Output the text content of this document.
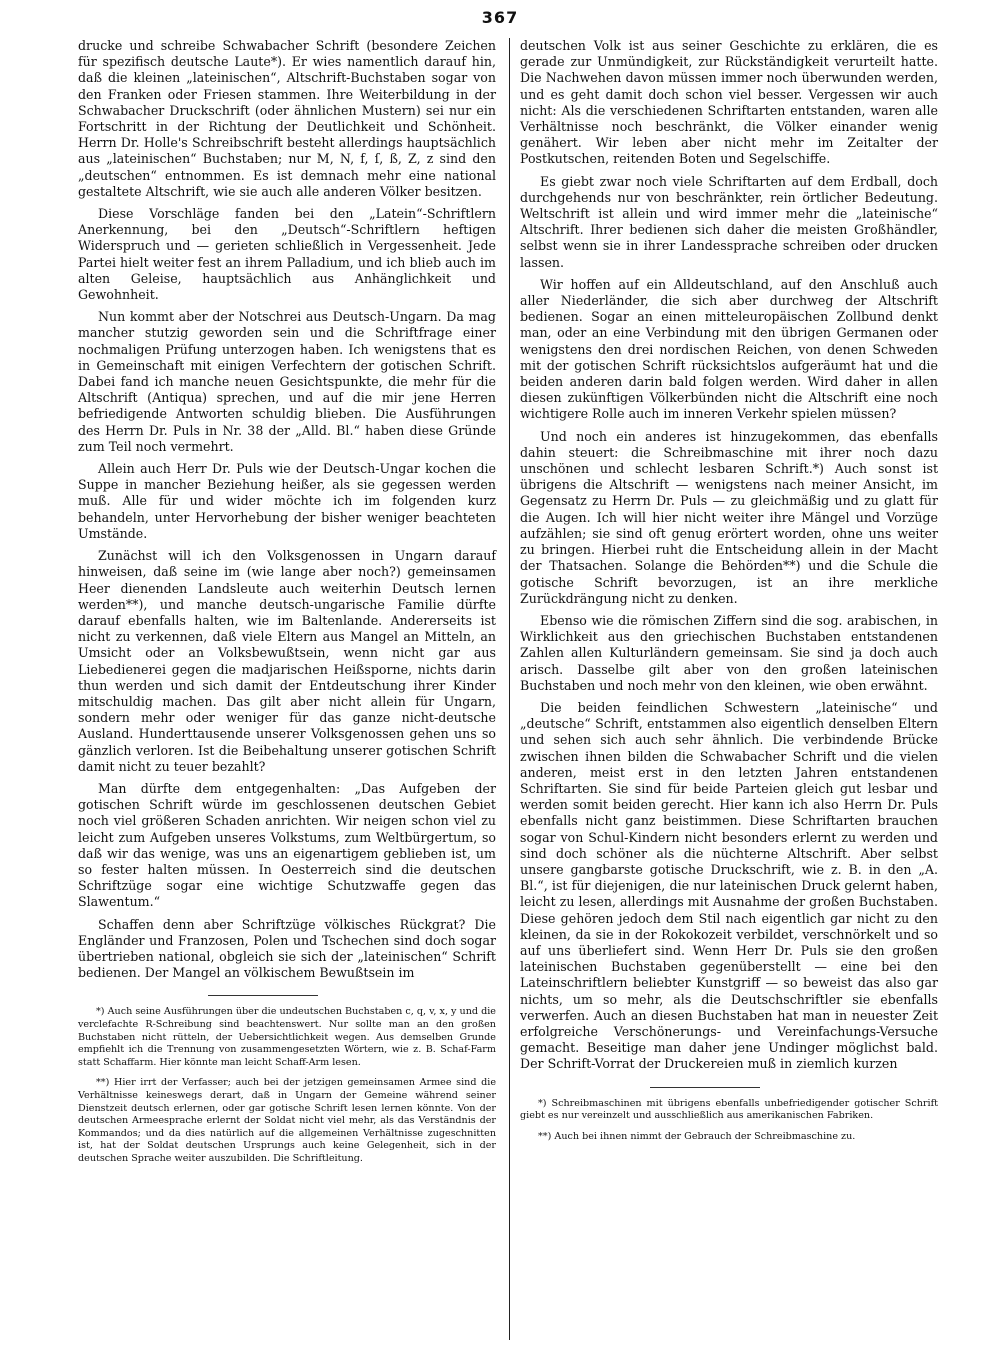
367

drucke und schreibe Schwabacher Schrift (besondere Zeichen für spezifisch deutsche Laute*). Er wies namentlich darauf hin, daß die kleinen „lateinischen“, Altschrift-Buchstaben sogar von den Franken oder Friesen stammen. Ihre Weiterbildung in der Schwabacher Druckschrift (oder ähnlichen Mustern) sei nur ein Fortschritt in der Richtung der Deutlichkeit und Schönheit. Herrn Dr. Holle's Schreibschrift besteht allerdings hauptsächlich aus „lateinischen“ Buchstaben; nur M, N, f, ſ, ß, Z, z sind den „deutschen“ entnommen. Es ist demnach mehr eine national gestaltete Altschrift, wie sie auch alle anderen Völker besitzen.

Diese Vorschläge fanden bei den „Latein“-Schriftlern Anerkennung, bei den „Deutsch“-Schriftlern heftigen Widerspruch und — gerieten schließlich in Vergessenheit. Jede Partei hielt weiter fest an ihrem Palladium, und ich blieb auch im alten Geleise, hauptsächlich aus Anhänglichkeit und Gewohnheit.

Nun kommt aber der Notschrei aus Deutsch-Ungarn. Da mag mancher stutzig geworden sein und die Schriftfrage einer nochmaligen Prüfung unterzogen haben. Ich wenigstens that es in Gemeinschaft mit einigen Verfechtern der gotischen Schrift. Dabei fand ich manche neuen Gesichtspunkte, die mehr für die Altschrift (Antiqua) sprechen, und auf die mir jene Herren befriedigende Antworten schuldig blieben. Die Ausführungen des Herrn Dr. Puls in Nr. 38 der „Alld. Bl.“ haben diese Gründe zum Teil noch vermehrt.

Allein auch Herr Dr. Puls wie der Deutsch-Ungar kochen die Suppe in mancher Beziehung heißer, als sie gegessen werden muß. Alle für und wider möchte ich im folgenden kurz behandeln, unter Hervorhebung der bisher weniger beachteten Umstände.

Zunächst will ich den Volksgenossen in Ungarn darauf hinweisen, daß seine im (wie lange aber noch?) gemeinsamen Heer dienenden Landsleute auch weiterhin Deutsch lernen werden**), und manche deutsch-ungarische Familie dürfte darauf ebenfalls halten, wie im Baltenlande. Andererseits ist nicht zu verkennen, daß viele Eltern aus Mangel an Mitteln, an Umsicht oder an Volksbewußtsein, wenn nicht gar aus Liebedienerei gegen die madjarischen Heißsporne, nichts darin thun werden und sich damit der Entdeutschung ihrer Kinder mitschuldig machen. Das gilt aber nicht allein für Ungarn, sondern mehr oder weniger für das ganze nicht-deutsche Ausland. Hunderttausende unserer Volksgenossen gehen uns so gänzlich verloren. Ist die Beibehaltung unserer gotischen Schrift damit nicht zu teuer bezahlt?

Man dürfte dem entgegenhalten: „Das Aufgeben der gotischen Schrift würde im geschlossenen deutschen Gebiet noch viel größeren Schaden anrichten. Wir neigen schon viel zu leicht zum Aufgeben unseres Volkstums, zum Weltbürgertum, so daß wir das wenige, was uns an eigenartigem geblieben ist, um so fester halten müssen. In Oesterreich sind die deutschen Schriftzüge sogar eine wichtige Schutzwaffe gegen das Slawentum.“

Schaffen denn aber Schriftzüge völkisches Rückgrat? Die Engländer und Franzosen, Polen und Tschechen sind doch sogar übertrieben national, obgleich sie sich der „lateinischen“ Schrift bedienen. Der Mangel an völkischem Bewußtsein im

*) Auch seine Ausführungen über die undeutschen Buchstaben c, q, v, x, y und die verclefachte R-Schreibung sind beachtenswert. Nur sollte man an den großen Buchstaben nicht rütteln, der Uebersichtlichkeit wegen. Aus demselben Grunde empfiehlt ich die Trennung von zusammengesetzten Wörtern, wie z. B. Schaf-Farm statt Schaffarm. Hier könnte man leicht Schaff-Arm lesen.

**) Hier irrt der Verfasser; auch bei der jetzigen gemeinsamen Armee sind die Verhältnisse keineswegs derart, daß in Ungarn der Gemeine während seiner Dienstzeit deutsch erlernen, oder gar gotische Schrift lesen lernen könnte. Von der deutschen Armeesprache erlernt der Soldat nicht viel mehr, als das Verständnis der Kommandos; und da dies natürlich auf die allgemeinen Verhältnisse zugeschnitten ist, hat der Soldat deutschen Ursprungs auch keine Gelegenheit, sich in der deutschen Sprache weiter auszubilden. Die Schriftleitung.

deutschen Volk ist aus seiner Geschichte zu erklären, die es gerade zur Unmündigkeit, zur Rückständigkeit verurteilt hatte. Die Nachwehen davon müssen immer noch überwunden werden, und es geht damit doch schon viel besser. Vergessen wir auch nicht: Als die verschiedenen Schriftarten entstanden, waren alle Verhältnisse noch beschränkt, die Völker einander wenig genähert. Wir leben aber nicht mehr im Zeitalter der Postkutschen, reitenden Boten und Segelschiffe.

Es giebt zwar noch viele Schriftarten auf dem Erdball, doch durchgehends nur von beschränkter, rein örtlicher Bedeutung. Weltschrift ist allein und wird immer mehr die „lateinische“ Altschrift. Ihrer bedienen sich daher die meisten Großhändler, selbst wenn sie in ihrer Landessprache schreiben oder drucken lassen.

Wir hoffen auf ein Alldeutschland, auf den Anschluß auch aller Niederländer, die sich aber durchweg der Altschrift bedienen. Sogar an einen mitteleuropäischen Zollbund denkt man, oder an eine Verbindung mit den übrigen Germanen oder wenigstens den drei nordischen Reichen, von denen Schweden mit der gotischen Schrift rücksichtslos aufgeräumt hat und die beiden anderen darin bald folgen werden. Wird daher in allen diesen zukünftigen Völkerbünden nicht die Altschrift eine noch wichtigere Rolle auch im inneren Verkehr spielen müssen?

Und noch ein anderes ist hinzugekommen, das ebenfalls dahin steuert: die Schreibmaschine mit ihrer noch dazu unschönen und schlecht lesbaren Schrift.*) Auch sonst ist übrigens die Altschrift — wenigstens nach meiner Ansicht, im Gegensatz zu Herrn Dr. Puls — zu gleichmäßig und zu glatt für die Augen. Ich will hier nicht weiter ihre Mängel und Vorzüge aufzählen; sie sind oft genug erörtert worden, ohne uns weiter zu bringen. Hierbei ruht die Entscheidung allein in der Macht der Thatsachen. Solange die Behörden**) und die Schule die gotische Schrift bevorzugen, ist an ihre merkliche Zurückdrängung nicht zu denken.

Ebenso wie die römischen Ziffern sind die sog. arabischen, in Wirklichkeit aus den griechischen Buchstaben entstandenen Zahlen allen Kulturländern gemeinsam. Sie sind ja doch auch arisch. Dasselbe gilt aber von den großen lateinischen Buchstaben und noch mehr von den kleinen, wie oben erwähnt.

Die beiden feindlichen Schwestern „lateinische“ und „deutsche“ Schrift, entstammen also eigentlich denselben Eltern und sehen sich auch sehr ähnlich. Die verbindende Brücke zwischen ihnen bilden die Schwabacher Schrift und die vielen anderen, meist erst in den letzten Jahren entstandenen Schriftarten. Sie sind für beide Parteien gleich gut lesbar und werden somit beiden gerecht. Hier kann ich also Herrn Dr. Puls ebenfalls nicht ganz beistimmen. Diese Schriftarten brauchen sogar von Schul-Kindern nicht besonders erlernt zu werden und sind doch schöner als die nüchterne Altschrift. Aber selbst unsere gangbarste gotische Druckschrift, wie z. B. in den „A. Bl.“, ist für diejenigen, die nur lateinischen Druck gelernt haben, leicht zu lesen, allerdings mit Ausnahme der großen Buchstaben. Diese gehören jedoch dem Stil nach eigentlich gar nicht zu den kleinen, da sie in der Rokokozeit verbildet, verschnörkelt und so auf uns überliefert sind. Wenn Herr Dr. Puls sie den großen lateinischen Buchstaben gegenüberstellt — eine bei den Lateinschriftlern beliebter Kunstgriff — so beweist das also gar nichts, um so mehr, als die Deutschschriftler sie ebenfalls verwerfen. Auch an diesen Buchstaben hat man in neuester Zeit erfolgreiche Verschönerungs- und Vereinfachungs-Versuche gemacht. Beseitige man daher jene Undinger möglichst bald. Der Schrift-Vorrat der Druckereien muß in ziemlich kurzen

*) Schreibmaschinen mit übrigens ebenfalls unbefriedigender gotischer Schrift giebt es nur vereinzelt und ausschließlich aus amerikanischen Fabriken.

**) Auch bei ihnen nimmt der Gebrauch der Schreibmaschine zu.
